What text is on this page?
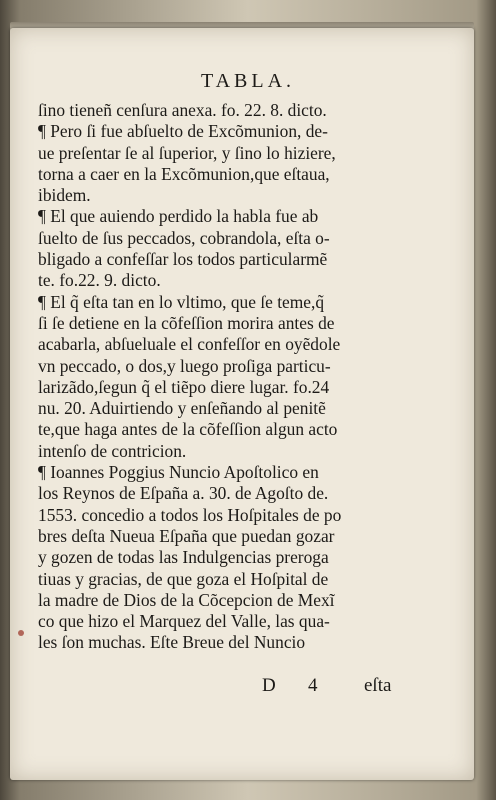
TABLA.
ſino tieneñ cenſura anexa. fo. 22. 8. dicto.
¶ Pero ſi fue abſuelto de Excõmunion, de-
ue preſentar ſe al ſuperior, y ſino lo hiziere,
torna a caer en la Excõmunion,que eſtaua,
ibidem.
¶ El que auiendo perdido la habla fue ab
ſuelto de ſus peccados, cobrandola, eſta o-
bligado a confeſſar los todos particularmẽ
te. fo.22. 9. dicto.
¶ El q̃ eſta tan en lo vltimo, que ſe teme,q̃
ſi ſe detiene en la cõfeſſion morira antes de
acabarla, abſueluale el confeſſor en oyẽdole
vn peccado, o dos,y luego proſiga particu-
larizãdo,ſegun q̃ el tiẽpo diere lugar. fo.24
nu. 20. Aduirtiendo y enſeñando al penitẽ
te,que haga antes de la cõfeſſion algun acto
intenſo de contricion.
¶ Ioannes Poggius Nuncio Apoſtolico en
los Reynos de Eſpaña a. 30. de Agoſto de.
1553. concedio a todos los Hoſpitales de po
bres deſta Nueua Eſpaña que puedan gozar
y gozen de todas las Indulgencias preroga
tiuas y gracias, de que goza el Hoſpital de
la madre de Dios de la Cõcepcion de Mexĩ
co que hizo el Marquez del Valle, las qua-
les ſon muchas. Eſte Breue del Nuncio
D 4 eſta
